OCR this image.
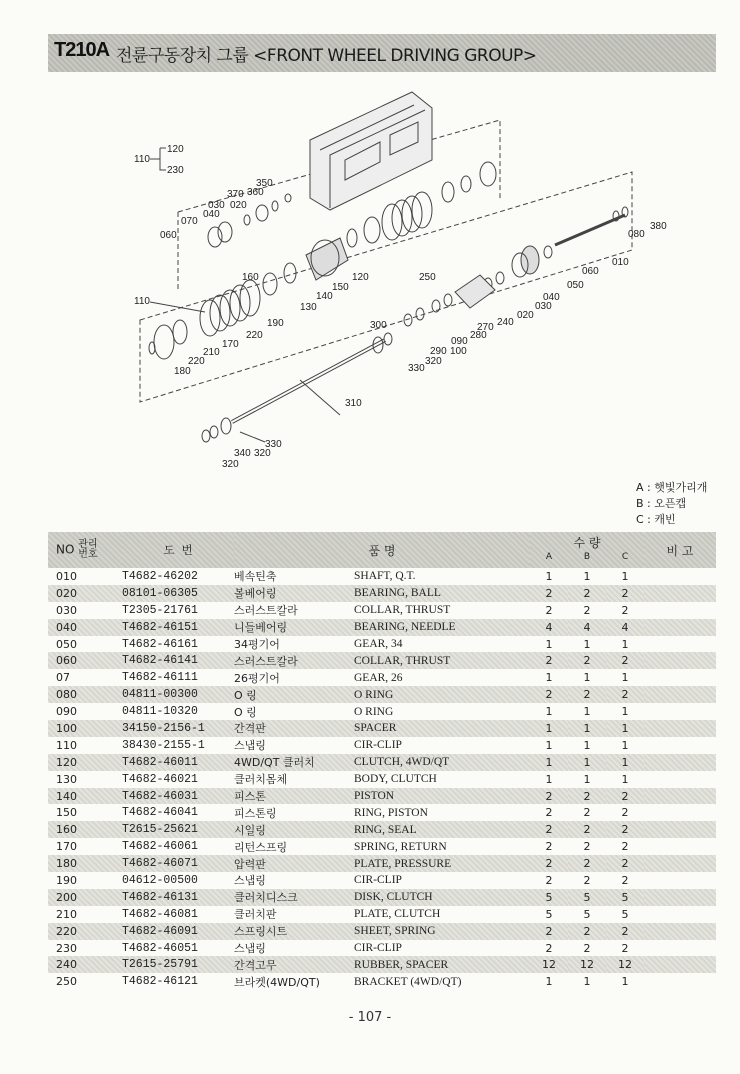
T210A 전륜구동장치 그룹 <FRONT WHEEL DRIVING GROUP>
110
120
230
350
370 360
030 020
040
070
060	080
380
010
060
050
040
030
020
270 240
280
090
100
290
320
330
300
250
160
150
120
140
130
110
190
220
170
210
220
180
310
330
340 320
320
A : 햇빛가리개
B : 오픈캡
C : 캐빈
NO 관리번호	도 번	품 명		수 량
A B C			비 고
010	T4682-46202	베속틴축	SHAFT, Q.T.	1	1	1	
020	08101-06305	볼베어링	BEARING, BALL	2	2	2	
030	T2305-21761	스러스트칼라	COLLAR, THRUST	2	2	2	
040	T4682-46151	니들베어링	BEARING, NEEDLE	4	4	4	
050	T4682-46161	34평기어	GEAR, 34	1	1	1	
060	T4682-46141	스러스트칼라	COLLAR, THRUST	2	2	2	
07	T4682-46111	26평기어	GEAR, 26	1	1	1	
080	04811-00300	O 링	O RING	2	2	2	
090	04811-10320	O 링	O RING	1	1	1	
100	34150-2156-1	간격판	SPACER	1	1	1	
110	38430-2155-1	스냅링	CIR-CLIP	1	1	1	
120	T4682-46011	4WD/QT 클러치	CLUTCH, 4WD/QT	1	1	1	
130	T4682-46021	클러치몸체	BODY, CLUTCH	1	1	1	
140	T4682-46031	피스톤	PISTON	2	2	2	
150	T4682-46041	피스톤링	RING, PISTON	2	2	2	
160	T2615-25621	시일링	RING, SEAL	2	2	2	
170	T4682-46061	리턴스프링	SPRING, RETURN	2	2	2	
180	T4682-46071	압력판	PLATE, PRESSURE	2	2	2	
190	04612-00500	스냅링	CIR-CLIP	2	2	2	
200	T4682-46131	클러치디스크	DISK, CLUTCH	5	5	5	
210	T4682-46081	클러치판	PLATE, CLUTCH	5	5	5	
220	T4682-46091	스프링시트	SHEET, SPRING	2	2	2	
230	T4682-46051	스냅링	CIR-CLIP	2	2	2	
240	T2615-25791	간격고무	RUBBER, SPACER	12	12	12	
250	T4682-46121	브라켓(4WD/QT)	BRACKET (4WD/QT)	1	1	1	
- 107 -
